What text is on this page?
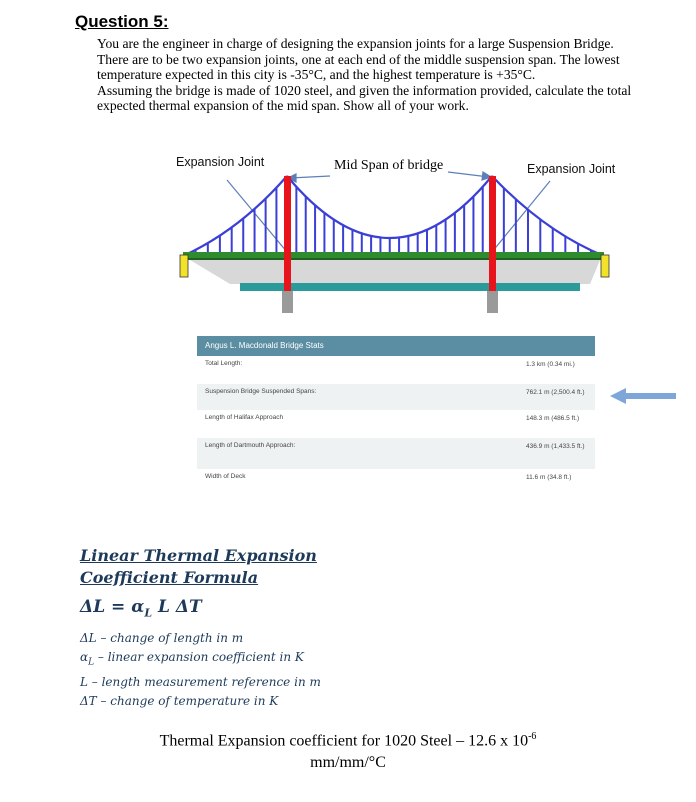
Question 5:

You are the engineer in charge of designing the expansion joints for a large Suspension Bridge. There are to be two expansion joints, one at each end of the middle suspension span. The lowest temperature expected in this city is -35°C, and the highest temperature is +35°C.

Assuming the bridge is made of 1020 steel, and given the information provided, calculate the total expected thermal expansion of the mid span. Show all of your work.

Expansion Joint	Expansion Joint
Mid Span of bridge
Angus L. Macdonald Bridge Stats
Total Length:	1.3 km (0.34 mi.)
Suspension Bridge Suspended Spans:	762.1 m (2,500.4 ft.)
Length of Halifax Approach	148.3 m (486.5 ft.)
Length of Dartmouth Approach:	436.9 m (1,433.5 ft.)
Width of Deck	11.6 m (34.8 ft.)
Linear Thermal Expansion
Coefficient Formula
$\Delta L = \alpha_L$ L ΔT
ΔL – change of length in m
$\alpha_L$ – linear expansion coefficient in K
L – length measurement reference in m
ΔT – change of temperature in K
Thermal Expansion coefficient for 1020 Steel – 12.6 x $10^{-6}$
mm/mm/°C
